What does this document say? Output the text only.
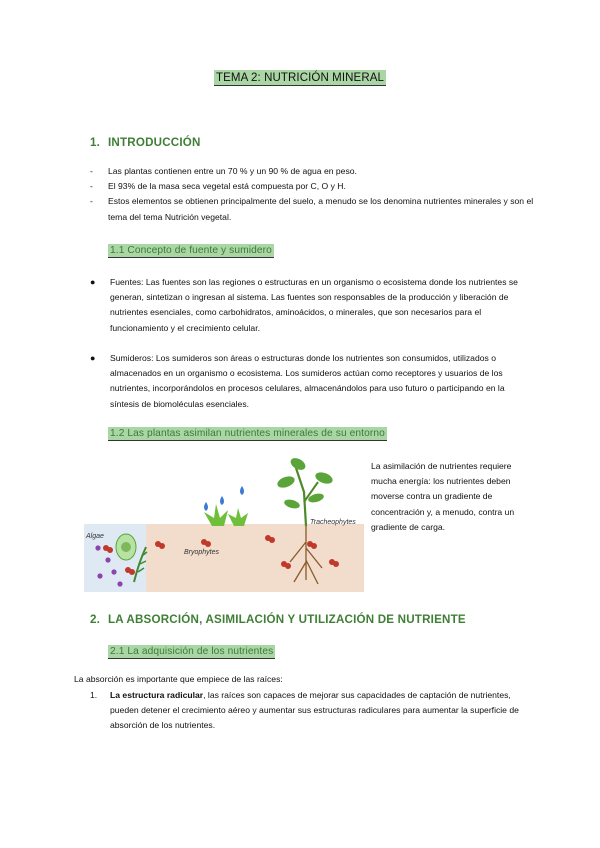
TEMA 2: NUTRICIÓN MINERAL
1. INTRODUCCIÓN
- Las plantas contienen entre un 70 % y un 90 % de agua en peso.
- El 93% de la masa seca vegetal está compuesta por C, O y H.
- Estos elementos se obtienen principalmente del suelo, a menudo se los denomina nutrientes minerales y son el tema del tema Nutrición vegetal.
1.1 Concepto de fuente y sumidero
●	Fuentes: Las fuentes son las regiones o estructuras en un organismo o ecosistema donde los nutrientes se generan, sintetizan o ingresan al sistema. Las fuentes son responsables de la producción y liberación de nutrientes esenciales, como carbohidratos, aminoácidos, o minerales, que son necesarios para el funcionamiento y el crecimiento celular.
●	Sumideros: Los sumideros son áreas o estructuras donde los nutrientes son consumidos, utilizados o almacenados en un organismo o ecosistema. Los sumideros actúan como receptores y usuarios de los nutrientes, incorporándolos en procesos celulares, almacenándolos para uso futuro o participando en la síntesis de biomoléculas esenciales.
1.2 Las plantas asimilan nutrientes minerales de su entorno
Algae
Bryophytes
Tracheophytes
La asimilación de nutrientes requiere mucha energía: los nutrientes deben moverse contra un gradiente de concentración y, a menudo, contra un gradiente de carga.
2. LA ABSORCIÓN, ASIMILACIÓN Y UTILIZACIÓN DE NUTRIENTE
2.1 La adquisición de los nutrientes
La absorción es importante que empiece de las raíces:
1.	La estructura radicular, las raíces son capaces de mejorar sus capacidades de captación de nutrientes, pueden detener el crecimiento aéreo y aumentar sus estructuras radiculares para aumentar la superficie de absorción de los nutrientes.
